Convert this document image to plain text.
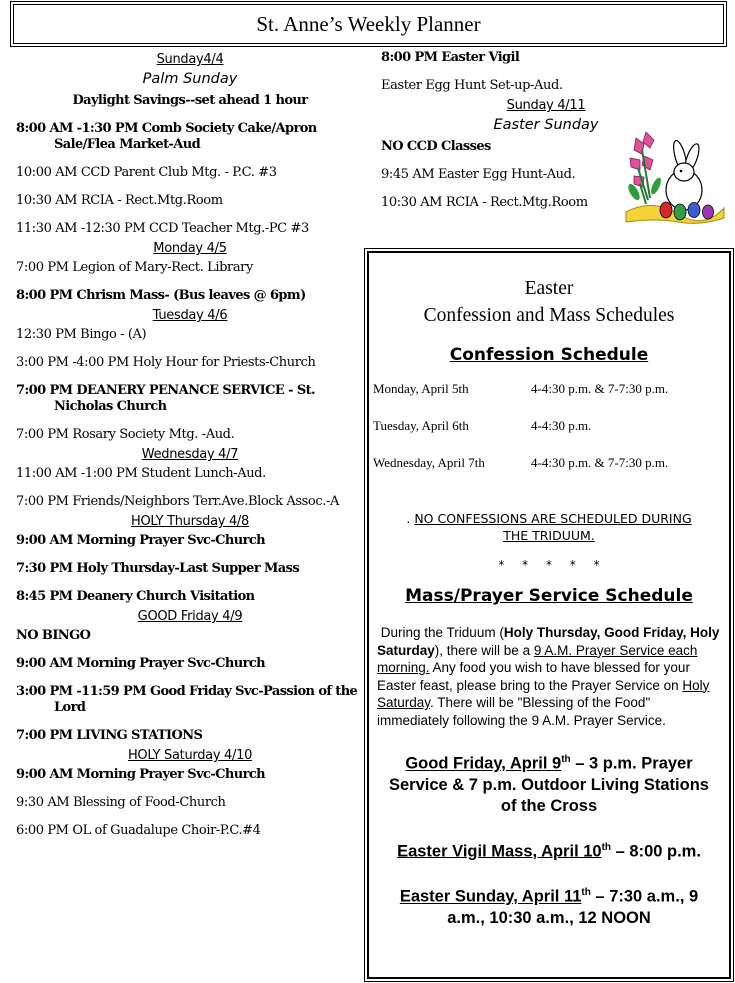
St. Anne’s Weekly Planner
Sunday4/4
Palm Sunday
Daylight Savings--set ahead 1 hour
8:00 AM -1:30 PM Comb Society Cake/Apron Sale/Flea Market-Aud
10:00 AM CCD Parent Club Mtg. - P.C. #3
10:30 AM RCIA - Rect.Mtg.Room
11:30 AM -12:30 PM CCD Teacher Mtg.-PC #3
Monday 4/5
7:00 PM Legion of Mary-Rect. Library
8:00 PM Chrism Mass- (Bus leaves @ 6pm)
Tuesday 4/6
12:30 PM Bingo - (A)
3:00 PM -4:00 PM Holy Hour for Priests-Church
7:00 PM DEANERY PENANCE SERVICE - St. Nicholas Church
7:00 PM Rosary Society Mtg. -Aud.
Wednesday 4/7
11:00 AM -1:00 PM Student Lunch-Aud.
7:00 PM Friends/Neighbors Terr.Ave.Block Assoc.-A
HOLY Thursday 4/8
9:00 AM Morning Prayer Svc-Church
7:30 PM Holy Thursday-Last Supper Mass
8:45 PM Deanery Church Visitation
GOOD Friday 4/9
NO BINGO
9:00 AM Morning Prayer Svc-Church
3:00 PM -11:59 PM Good Friday Svc-Passion of the Lord
7:00 PM LIVING STATIONS
HOLY Saturday 4/10
9:00 AM Morning Prayer Svc-Church
9:30 AM Blessing of Food-Church
6:00 PM OL of Guadalupe Choir-P.C.#4
8:00 PM Easter Vigil
Easter Egg Hunt Set-up-Aud.
Sunday 4/11
Easter Sunday
NO CCD Classes
9:45 AM Easter Egg Hunt-Aud.
10:30 AM RCIA - Rect.Mtg.Room
Easter
Confession and Mass Schedules
Confession Schedule
Monday, April 5th	4-4:30 p.m. & 7-7:30 p.m.
Tuesday, April 6th	4-4:30 p.m.
Wednesday, April 7th	4-4:30 p.m. & 7-7:30 p.m.
. NO CONFESSIONS ARE SCHEDULED DURING THE TRIDUUM.
* * * * *
Mass/Prayer Service Schedule
During the Triduum (Holy Thursday, Good Friday, Holy Saturday), there will be a 9 A.M. Prayer Service each morning. Any food you wish to have blessed for your Easter feast, please bring to the Prayer Service on Holy Saturday. There will be "Blessing of the Food" immediately following the 9 A.M. Prayer Service.
Good Friday, April 9th – 3 p.m. Prayer Service & 7 p.m. Outdoor Living Stations of the Cross
Easter Vigil Mass, April 10th – 8:00 p.m.
Easter Sunday, April 11th – 7:30 a.m., 9 a.m., 10:30 a.m., 12 NOON
